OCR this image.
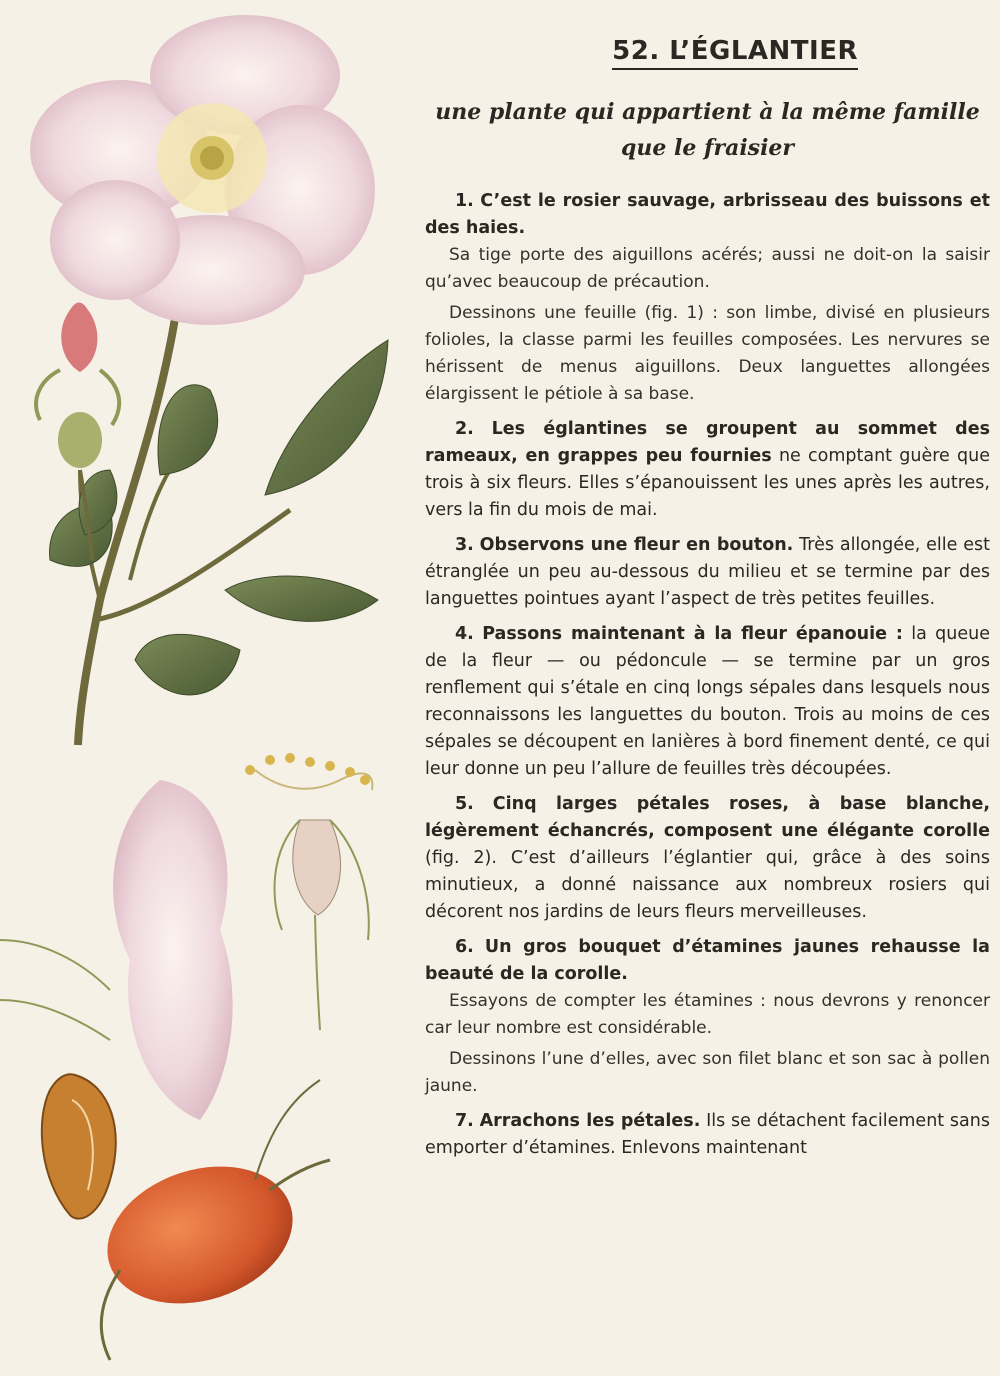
52. L’ÉGLANTIER
une plante qui appartient à la même famille que le fraisier

1. C’est le rosier sauvage, arbrisseau des buissons et des haies.

Sa tige porte des aiguillons acérés; aussi ne doit-on la saisir qu’avec beaucoup de précaution.

Dessinons une feuille (fig. 1) : son limbe, divisé en plusieurs folioles, la classe parmi les feuilles composées. Les nervures se hérissent de menus aiguillons. Deux languettes allongées élargissent le pétiole à sa base.

2. Les églantines se groupent au sommet des rameaux, en grappes peu fournies ne comptant guère que trois à six fleurs. Elles s’épanouissent les unes après les autres, vers la fin du mois de mai.

3. Observons une fleur en bouton. Très allongée, elle est étranglée un peu au-dessous du milieu et se termine par des languettes pointues ayant l’aspect de très petites feuilles.

4. Passons maintenant à la fleur épanouie : la queue de la fleur — ou pédoncule — se termine par un gros renflement qui s’étale en cinq longs sépales dans lesquels nous reconnaissons les languettes du bouton. Trois au moins de ces sépales se découpent en lanières à bord finement denté, ce qui leur donne un peu l’allure de feuilles très découpées.

5. Cinq larges pétales roses, à base blanche, légèrement échancrés, composent une élégante corolle (fig. 2). C’est d’ailleurs l’églantier qui, grâce à des soins minutieux, a donné naissance aux nombreux rosiers qui décorent nos jardins de leurs fleurs merveilleuses.

6. Un gros bouquet d’étamines jaunes rehausse la beauté de la corolle.

Essayons de compter les étamines : nous devrons y renoncer car leur nombre est considérable.

Dessinons l’une d’elles, avec son filet blanc et son sac à pollen jaune.

7. Arrachons les pétales. Ils se détachent facilement sans emporter d’étamines. Enlevons maintenant
